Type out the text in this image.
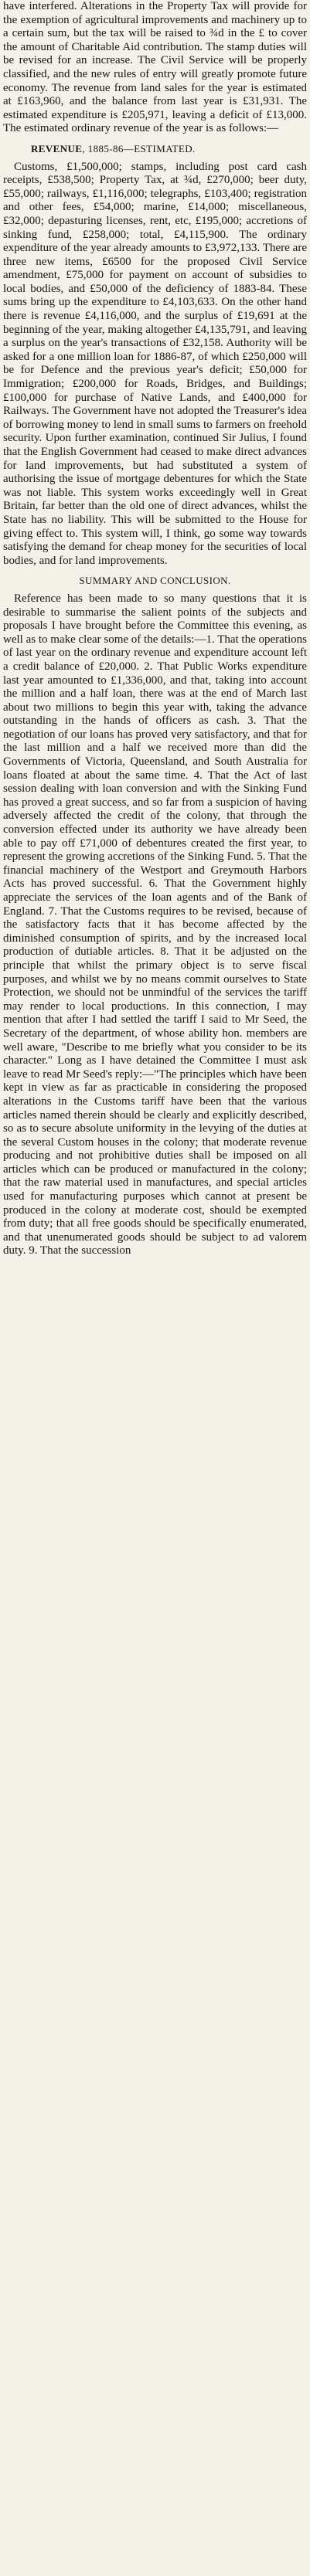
have interfered. Alterations in the Property Tax will provide for the exemption of agricultural improvements and machinery up to a certain sum, but the tax will be raised to ¾d in the £ to cover the amount of Charitable Aid contribution. The stamp duties will be revised for an increase. The Civil Service will be properly classified, and the new rules of entry will greatly promote future economy. The revenue from land sales for the year is estimated at £163,960, and the balance from last year is £31,931. The estimated expenditure is £205,971, leaving a deficit of £13,000. The estimated ordinary revenue of the year is as follows:—

REVENUE, 1885-86—ESTIMATED.

Customs, £1,500,000; stamps, including post card cash receipts, £538,500; Property Tax, at ¾d, £270,000; beer duty, £55,000; railways, £1,116,000; telegraphs, £103,400; registration and other fees, £54,000; marine, £14,000; miscellaneous, £32,000; depasturing licenses, rent, etc, £195,000; accretions of sinking fund, £258,000; total, £4,115,900. The ordinary expenditure of the year already amounts to £3,972,133. There are three new items, £6500 for the proposed Civil Service amendment, £75,000 for payment on account of subsidies to local bodies, and £50,000 of the deficiency of 1883-84. These sums bring up the expenditure to £4,103,633. On the other hand there is revenue £4,116,000, and the surplus of £19,691 at the beginning of the year, making altogether £4,135,791, and leaving a surplus on the year's transactions of £32,158. Authority will be asked for a one million loan for 1886-87, of which £250,000 will be for Defence and the previous year's deficit; £50,000 for Immigration; £200,000 for Roads, Bridges, and Buildings; £100,000 for purchase of Native Lands, and £400,000 for Railways. The Government have not adopted the Treasurer's idea of borrowing money to lend in small sums to farmers on freehold security. Upon further examination, continued Sir Julius, I found that the English Government had ceased to make direct advances for land improvements, but had substituted a system of authorising the issue of mortgage debentures for which the State was not liable. This system works exceedingly well in Great Britain, far better than the old one of direct advances, whilst the State has no liability. This will be submitted to the House for giving effect to. This system will, I think, go some way towards satisfying the demand for cheap money for the securities of local bodies, and for land improvements.

SUMMARY AND CONCLUSION.

Reference has been made to so many questions that it is desirable to summarise the salient points of the subjects and proposals I have brought before the Committee this evening, as well as to make clear some of the details:—1. That the operations of last year on the ordinary revenue and expenditure account left a credit balance of £20,000. 2. That Public Works expenditure last year amounted to £1,336,000, and that, taking into account the million and a half loan, there was at the end of March last about two millions to begin this year with, taking the advance outstanding in the hands of officers as cash. 3. That the negotiation of our loans has proved very satisfactory, and that for the last million and a half we received more than did the Governments of Victoria, Queensland, and South Australia for loans floated at about the same time. 4. That the Act of last session dealing with loan conversion and with the Sinking Fund has proved a great success, and so far from a suspicion of having adversely affected the credit of the colony, that through the conversion effected under its authority we have already been able to pay off £71,000 of debentures created the first year, to represent the growing accretions of the Sinking Fund. 5. That the financial machinery of the Westport and Greymouth Harbors Acts has proved successful. 6. That the Government highly appreciate the services of the loan agents and of the Bank of England. 7. That the Customs requires to be revised, because of the satisfactory facts that it has become affected by the diminished consumption of spirits, and by the increased local production of dutiable articles. 8. That it be adjusted on the principle that whilst the primary object is to serve fiscal purposes, and whilst we by no means commit ourselves to State Protection, we should not be unmindful of the services the tariff may render to local productions. In this connection, I may mention that after I had settled the tariff I said to Mr Seed, the Secretary of the department, of whose ability hon. members are well aware, "Describe to me briefly what you consider to be its character." Long as I have detained the Committee I must ask leave to read Mr Seed's reply:—"The principles which have been kept in view as far as practicable in considering the proposed alterations in the Customs tariff have been that the various articles named therein should be clearly and explicitly described, so as to secure absolute uniformity in the levying of the duties at the several Custom houses in the colony; that moderate revenue producing and not prohibitive duties shall be imposed on all articles which can be produced or manufactured in the colony; that the raw material used in manufactures, and special articles used for manufacturing purposes which cannot at present be produced in the colony at moderate cost, should be exempted from duty; that all free goods should be specifically enumerated, and that unenumerated goods should be subject to ad valorem duty. 9. That the succession
